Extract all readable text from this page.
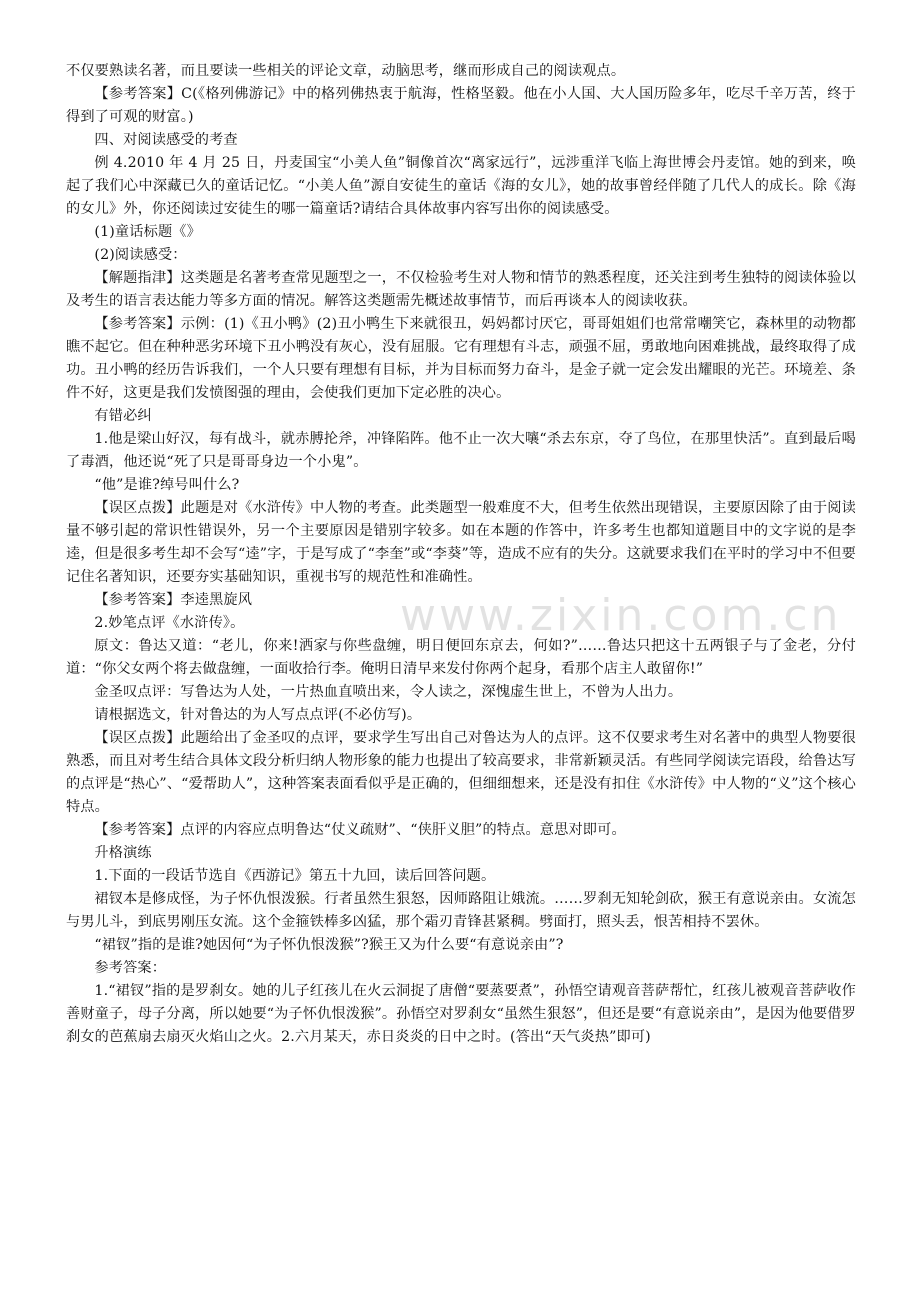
www.zixin.com.cn

不仅要熟读名著，而且要读一些相关的评论文章，动脑思考，继而形成自己的阅读观点。

【参考答案】C(《格列佛游记》中的格列佛热衷于航海，性格坚毅。他在小人国、大人国历险多年，吃尽千辛万苦，终于得到了可观的财富。)

四、对阅读感受的考查

例 4.2010 年 4 月 25 日，丹麦国宝“小美人鱼”铜像首次“离家远行”，远涉重洋飞临上海世博会丹麦馆。她的到来，唤起了我们心中深藏已久的童话记忆。“小美人鱼”源自安徒生的童话《海的女儿》，她的故事曾经伴随了几代人的成长。除《海的女儿》外，你还阅读过安徒生的哪一篇童话?请结合具体故事内容写出你的阅读感受。

(1)童话标题《》

(2)阅读感受：

【解题指津】这类题是名著考查常见题型之一，不仅检验考生对人物和情节的熟悉程度，还关注到考生独特的阅读体验以及考生的语言表达能力等多方面的情况。解答这类题需先概述故事情节，而后再谈本人的阅读收获。

【参考答案】示例：(1)《丑小鸭》(2)丑小鸭生下来就很丑，妈妈都讨厌它，哥哥姐姐们也常常嘲笑它，森林里的动物都瞧不起它。但在种种恶劣环境下丑小鸭没有灰心，没有屈服。它有理想有斗志，顽强不屈，勇敢地向困难挑战，最终取得了成功。丑小鸭的经历告诉我们，一个人只要有理想有目标，并为目标而努力奋斗，是金子就一定会发出耀眼的光芒。环境差、条件不好，这更是我们发愤图强的理由，会使我们更加下定必胜的决心。

有错必纠

1.他是梁山好汉，每有战斗，就赤膊抡斧，冲锋陷阵。他不止一次大嚷“杀去东京，夺了鸟位，在那里快活”。直到最后喝了毒酒，他还说“死了只是哥哥身边一个小鬼”。

“他”是谁?绰号叫什么?

【误区点拨】此题是对《水浒传》中人物的考查。此类题型一般难度不大，但考生依然出现错误，主要原因除了由于阅读量不够引起的常识性错误外，另一个主要原因是错别字较多。如在本题的作答中，许多考生也都知道题目中的文字说的是李逵，但是很多考生却不会写“逵”字，于是写成了“李奎”或“李葵”等，造成不应有的失分。这就要求我们在平时的学习中不但要记住名著知识，还要夯实基础知识，重视书写的规范性和准确性。

【参考答案】李逵黑旋风

2.妙笔点评《水浒传》。

原文：鲁达又道：“老儿，你来!洒家与你些盘缠，明日便回东京去，何如?”……鲁达只把这十五两银子与了金老，分付道：“你父女两个将去做盘缠，一面收拾行李。俺明日清早来发付你两个起身，看那个店主人敢留你!”

金圣叹点评：写鲁达为人处，一片热血直喷出来，令人读之，深愧虚生世上，不曾为人出力。

请根据选文，针对鲁达的为人写点点评(不必仿写)。

【误区点拨】此题给出了金圣叹的点评，要求学生写出自己对鲁达为人的点评。这不仅要求考生对名著中的典型人物要很熟悉，而且对考生结合具体文段分析归纳人物形象的能力也提出了较高要求，非常新颖灵活。有些同学阅读完语段，给鲁达写的点评是“热心”、“爱帮助人”，这种答案表面看似乎是正确的，但细细想来，还是没有扣住《水浒传》中人物的“义”这个核心特点。

【参考答案】点评的内容应点明鲁达“仗义疏财”、“侠肝义胆”的特点。意思对即可。

升格演练

1.下面的一段话节选自《西游记》第五十九回，读后回答问题。

裙钗本是修成怪，为子怀仇恨泼猴。行者虽然生狠怒，因师路阻让娥流。……罗刹无知轮剑砍，猴王有意说亲由。女流怎与男儿斗，到底男刚压女流。这个金箍铁棒多凶猛，那个霜刃青锋甚紧稠。劈面打，照头丢，恨苦相持不罢休。

“裙钗”指的是谁?她因何“为子怀仇恨泼猴”?猴王又为什么要“有意说亲由”?

参考答案：

1.“裙钗”指的是罗刹女。她的儿子红孩儿在火云洞捉了唐僧“要蒸要煮”，孙悟空请观音菩萨帮忙，红孩儿被观音菩萨收作善财童子，母子分离，所以她要“为子怀仇恨泼猴”。孙悟空对罗刹女“虽然生狠怒”，但还是要“有意说亲由”，是因为他要借罗刹女的芭蕉扇去扇灭火焰山之火。2.六月某天，赤日炎炎的日中之时。(答出“天气炎热”即可)
